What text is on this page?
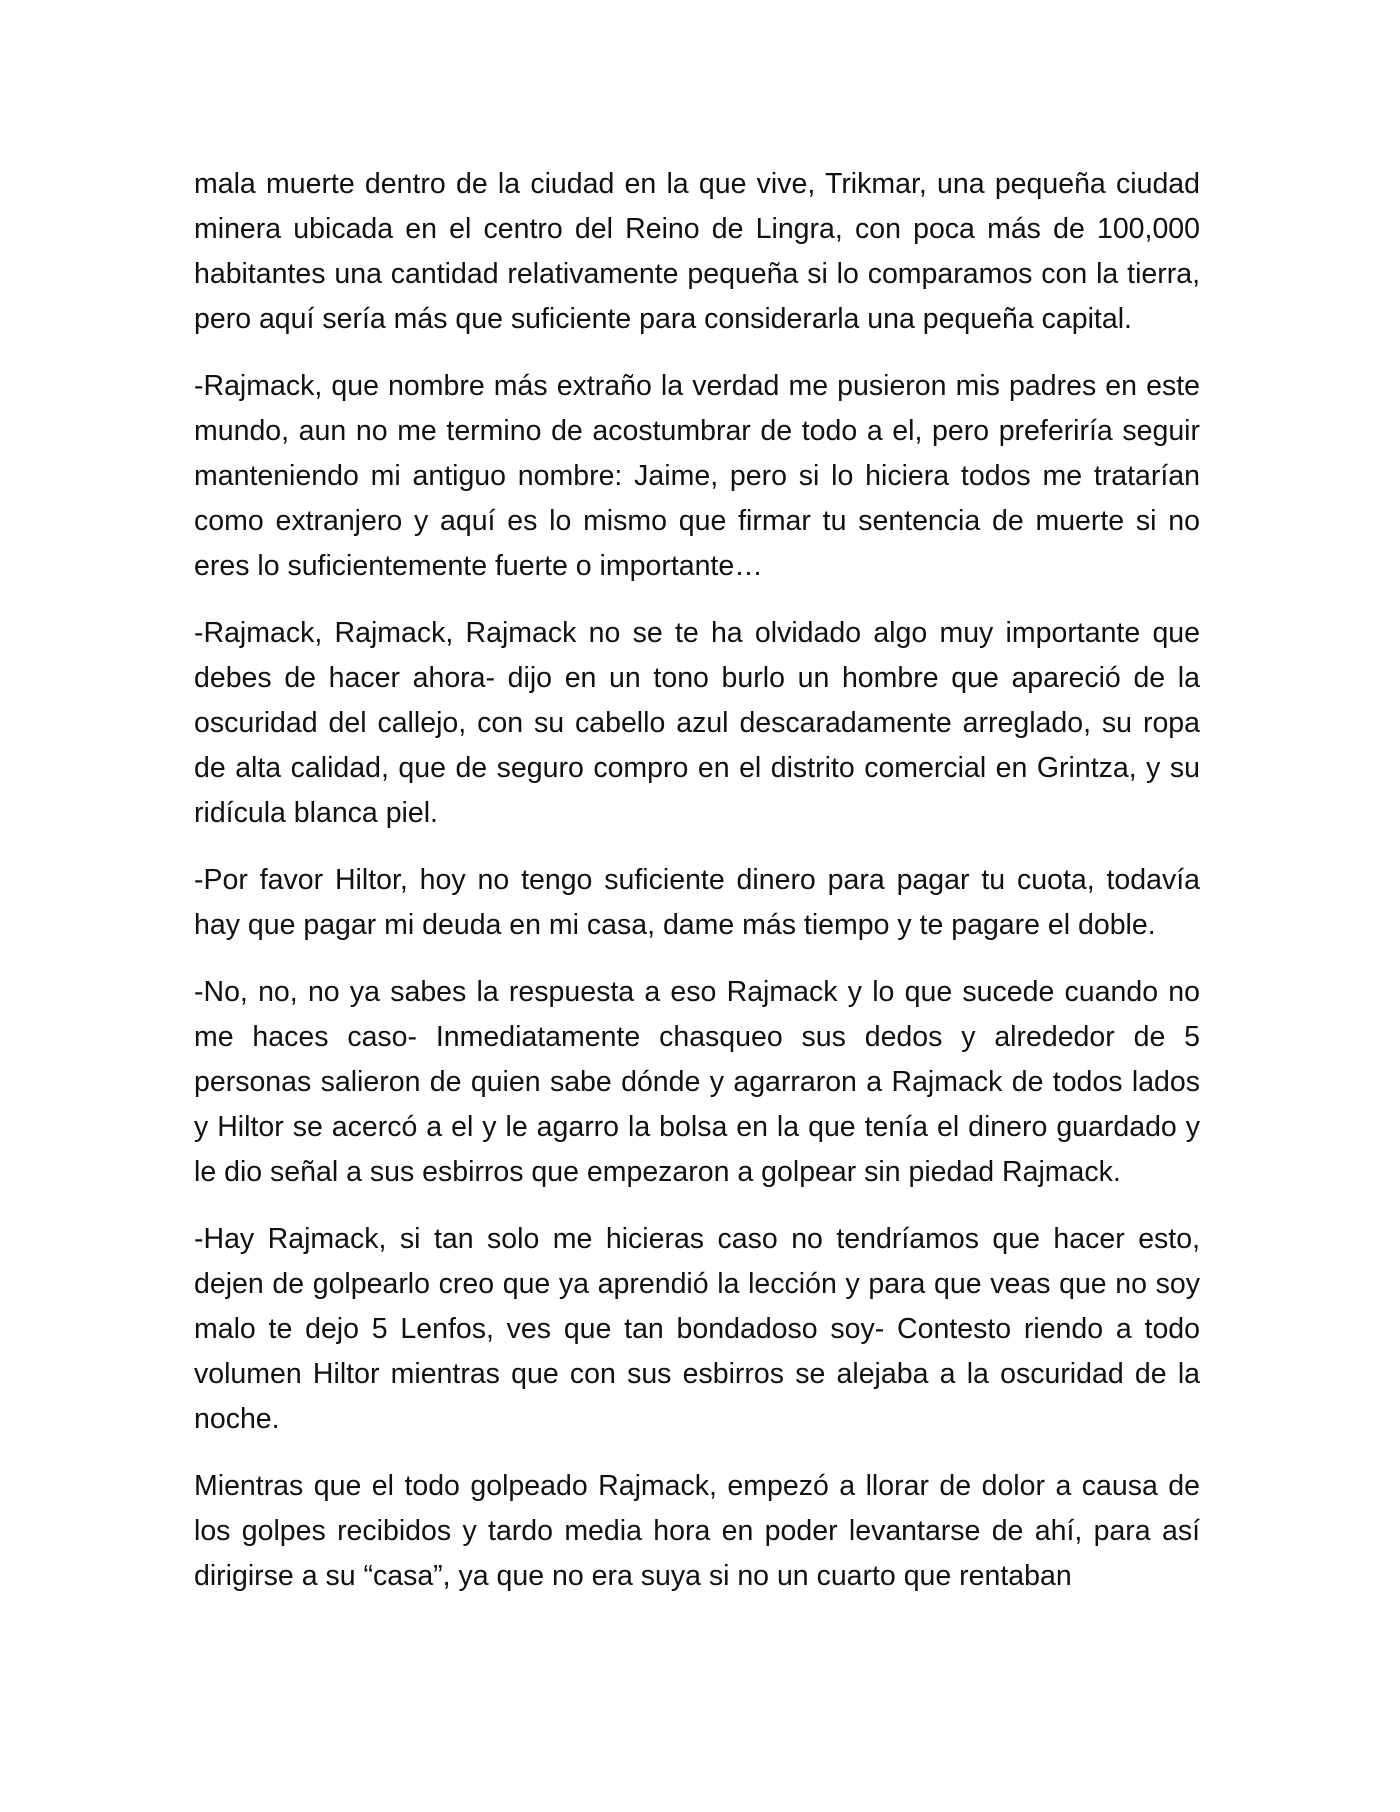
mala muerte dentro de la ciudad en la que vive, Trikmar, una pequeña ciudad minera ubicada en el centro del Reino de Lingra, con poca más de 100,000 habitantes una cantidad relativamente pequeña si lo comparamos con la tierra, pero aquí sería más que suficiente para considerarla una pequeña capital.

-Rajmack, que nombre más extraño la verdad me pusieron mis padres en este mundo, aun no me termino de acostumbrar de todo a el, pero preferiría seguir manteniendo mi antiguo nombre: Jaime, pero si lo hiciera todos me tratarían como extranjero y aquí es lo mismo que firmar tu sentencia de muerte si no eres lo suficientemente fuerte o importante…

-Rajmack, Rajmack, Rajmack no se te ha olvidado algo muy importante que debes de hacer ahora- dijo en un tono burlo un hombre que apareció de la oscuridad del callejo, con su cabello azul descaradamente arreglado, su ropa de alta calidad, que de seguro compro en el distrito comercial en Grintza, y su ridícula blanca piel.

-Por favor Hiltor, hoy no tengo suficiente dinero para pagar tu cuota, todavía hay que pagar mi deuda en mi casa, dame más tiempo y te pagare el doble.

-No, no, no ya sabes la respuesta a eso Rajmack y lo que sucede cuando no me haces caso- Inmediatamente chasqueo sus dedos y alrededor de 5 personas salieron de quien sabe dónde y agarraron a Rajmack de todos lados y Hiltor se acercó a el y le agarro la bolsa en la que tenía el dinero guardado y le dio señal a sus esbirros que empezaron a golpear sin piedad Rajmack.

-Hay Rajmack, si tan solo me hicieras caso no tendríamos que hacer esto, dejen de golpearlo creo que ya aprendió la lección y para que veas que no soy malo te dejo 5 Lenfos, ves que tan bondadoso soy- Contesto riendo a todo volumen Hiltor mientras que con sus esbirros se alejaba a la oscuridad de la noche.

Mientras que el todo golpeado Rajmack, empezó a llorar de dolor a causa de los golpes recibidos y tardo media hora en poder levantarse de ahí, para así dirigirse a su “casa”, ya que no era suya si no un cuarto que rentaban
